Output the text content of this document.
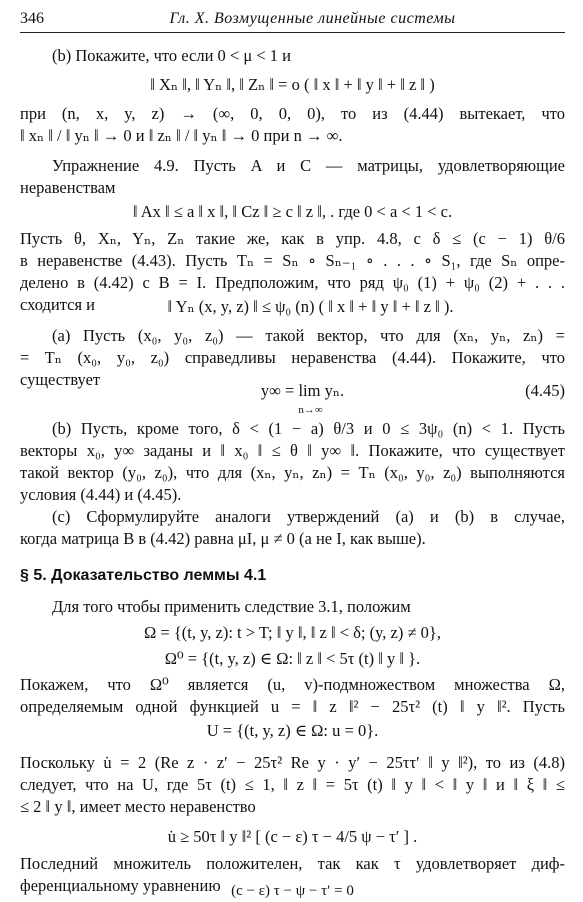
346	Гл. X. Возмущенные линейные системы
(b) Покажите, что если 0 < μ < 1 и
‖ Xₙ ‖, ‖ Yₙ ‖, ‖ Zₙ ‖ = o ( ‖ x ‖ + ‖ y ‖ + ‖ z ‖ )
при (n, x, y, z) → (∞, 0, 0, 0), то из (4.44) вытекает, что
‖ xₙ ‖ / ‖ yₙ ‖ → 0 и ‖ zₙ ‖ / ‖ yₙ ‖ → 0 при n → ∞.
Упражнение 4.9. Пусть A и C — матрицы, удовлетворяющие
неравенствам
‖ Ax ‖ ≤ a ‖ x ‖, ‖ Cz ‖ ≥ c ‖ z ‖, . где 0 < a < 1 < c.
Пусть θ, Xₙ, Yₙ, Zₙ такие же, как в упр. 4.8, с δ ≤ (c − 1) θ/6
в неравенстве (4.43). Пусть Tₙ = Sₙ ∘ Sₙ₋₁ ∘ . . . ∘ S₁, где Sₙ опре-
делено в (4.42) с B = I. Предположим, что ряд ψ₀ (1) + ψ₀ (2) + . . .
сходится и	‖ Yₙ (x, y, z) ‖ ≤ ψ₀ (n) ( ‖ x ‖ + ‖ y ‖ + ‖ z ‖ ).
(a) Пусть (x₀, y₀, z₀) — такой вектор, что для (xₙ, yₙ, zₙ) =
= Tₙ (x₀, y₀, z₀) справедливы неравенства (4.44). Покажите, что
существует
y∞ = lim yₙ.
n→∞
(b) Пусть, кроме того, δ < (1 − a) θ/3 и 0 ≤ 3ψ₀ (n) < 1. Пусть
векторы x₀, y∞ заданы и ‖ x₀ ‖ ≤ θ ‖ y∞ ‖. Покажите, что существует
такой вектор (y₀, z₀), что для (xₙ, yₙ, zₙ) = Tₙ (x₀, y₀, z₀) выполняются
условия (4.44) и (4.45).
(c) Сформулируйте аналоги утверждений (a) и (b) в случае,
когда матрица B в (4.42) равна μI, μ ≠ 0 (а не I, как выше).
§ 5. Доказательство леммы 4.1
Для того чтобы применить следствие 3.1, положим
Ω = {(t, y, z): t > T; ‖ y ‖, ‖ z ‖ < δ; (y, z) ≠ 0},
Ω⁰ = {(t, y, z) ∈ Ω: ‖ z ‖ < 5τ (t) ‖ y ‖ }.
Покажем, что Ω⁰ является (u, v)-подмножеством множества Ω,
определяемым одной функцией u = ‖ z ‖² − 25τ² (t) ‖ y ‖². Пусть
U = {(t, y, z) ∈ Ω: u = 0}.
Поскольку u̇ = 2 (Re z · z′ − 25τ² Re y · y′ − 25ττ′ ‖ y ‖²), то из (4.8)
следует, что на U, где 5τ (t) ≤ 1, ‖ z ‖ = 5τ (t) ‖ y ‖ < ‖ y ‖ и ‖ ξ ‖ ≤
≤ 2 ‖ y ‖, имеет место неравенство
u̇ ≥ 50τ ‖ y ‖² [ (c − ε) τ − 4/5 ψ − τ′ ] .
Последний множитель положителен, так как τ удовлетворяет диф-
ференциальному уравнению
(4.45)
(c − ε) τ − ψ − τ′ = 0
